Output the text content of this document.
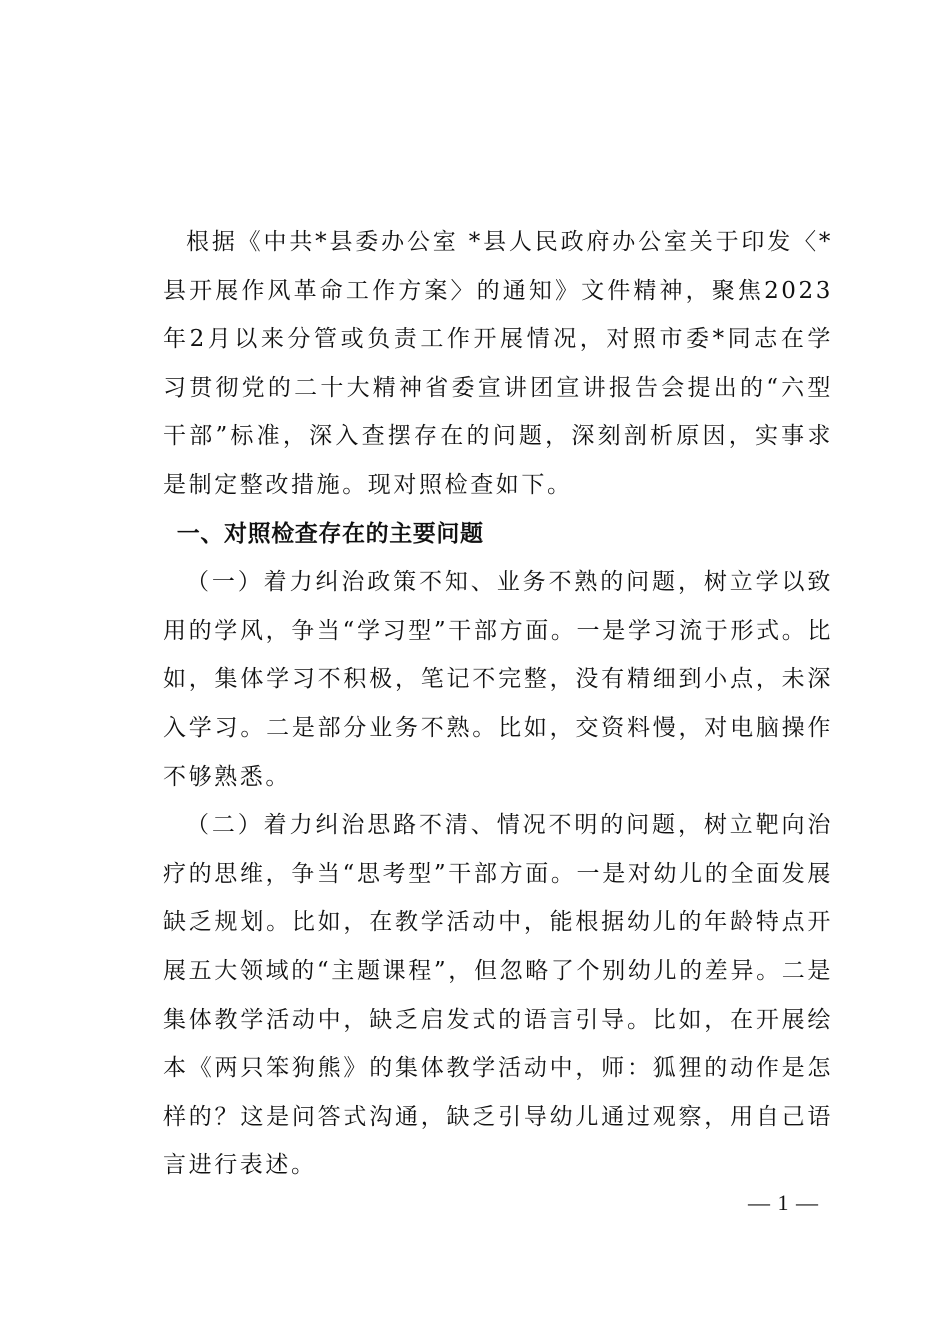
根据《中共*县委办公室 *县人民政府办公室关于印发〈*县开展作风革命工作方案〉的通知》文件精神，聚焦2023年2月以来分管或负责工作开展情况，对照市委*同志在学习贯彻党的二十大精神省委宣讲团宣讲报告会提出的“六型干部”标准，深入查摆存在的问题，深刻剖析原因，实事求是制定整改措施。现对照检查如下。

一、对照检查存在的主要问题

（一）着力纠治政策不知、业务不熟的问题，树立学以致用的学风，争当“学习型”干部方面。一是学习流于形式。比如，集体学习不积极，笔记不完整，没有精细到小点，未深入学习。二是部分业务不熟。比如，交资料慢，对电脑操作不够熟悉。

（二）着力纠治思路不清、情况不明的问题，树立靶向治疗的思维，争当“思考型”干部方面。一是对幼儿的全面发展缺乏规划。比如，在教学活动中，能根据幼儿的年龄特点开展五大领域的“主题课程”，但忽略了个别幼儿的差异。二是集体教学活动中，缺乏启发式的语言引导。比如，在开展绘本《两只笨狗熊》的集体教学活动中，师：狐狸的动作是怎样的？这是问答式沟通，缺乏引导幼儿通过观察，用自己语言进行表述。

— 1 —
